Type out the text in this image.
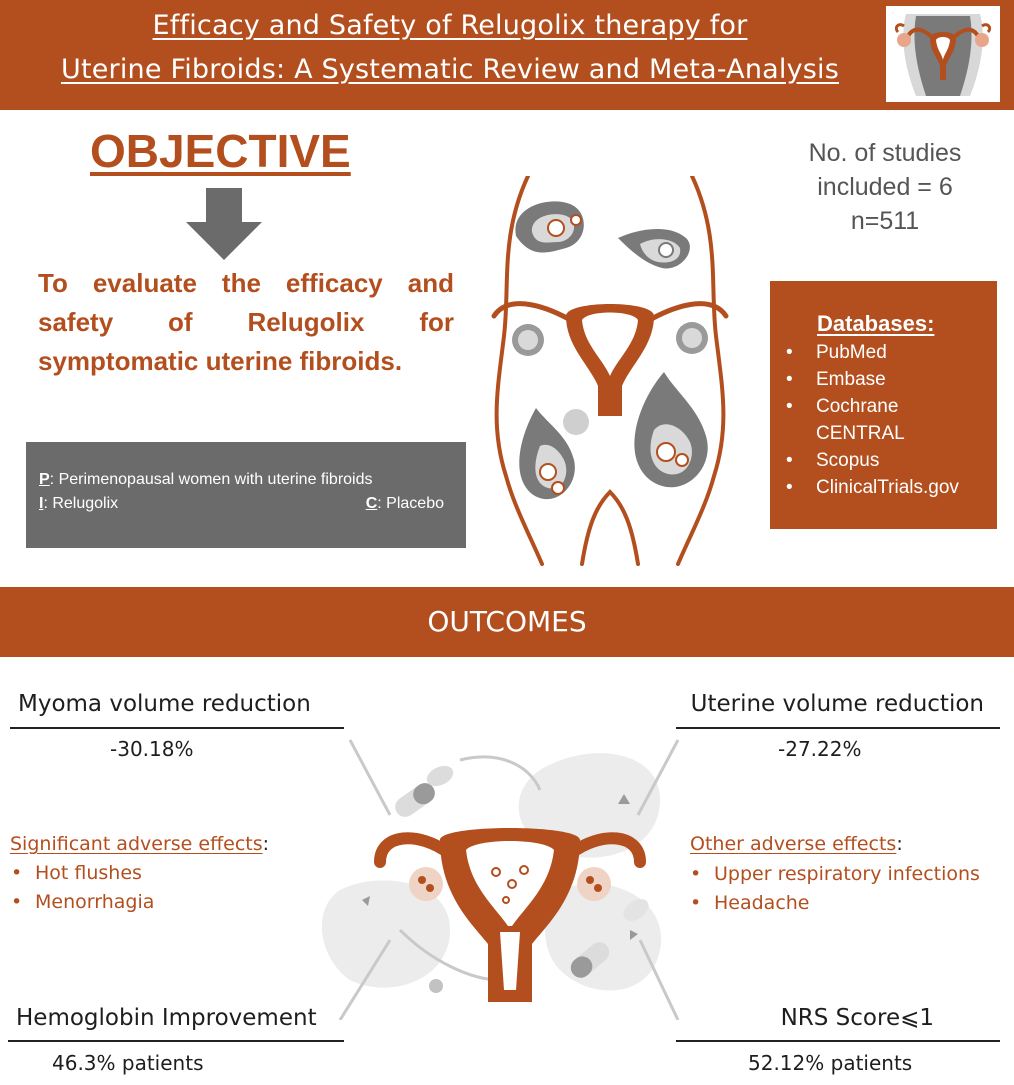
Efficacy and Safety of Relugolix therapy for
Uterine Fibroids: A Systematic Review and Meta-Analysis
OBJECTIVE
To evaluate the efficacy and safety of Relugolix for symptomatic uterine fibroids.
No. of studies
included = 6
n=511
P: Perimenopausal women with uterine fibroids
I: Relugolix	C: Placebo
Databases:
• PubMed
• Embase
• Cochrane
CENTRAL
• Scopus
• ClinicalTrials.gov
OUTCOMES
Myoma volume reduction
-30.18%
Uterine volume reduction
-27.22%
Significant adverse effects:
• Hot flushes
• Menorrhagia
Other adverse effects:
• Upper respiratory infections
• Headache
Hemoglobin Improvement
46.3% patients
NRS Score⩽1
52.12% patients
